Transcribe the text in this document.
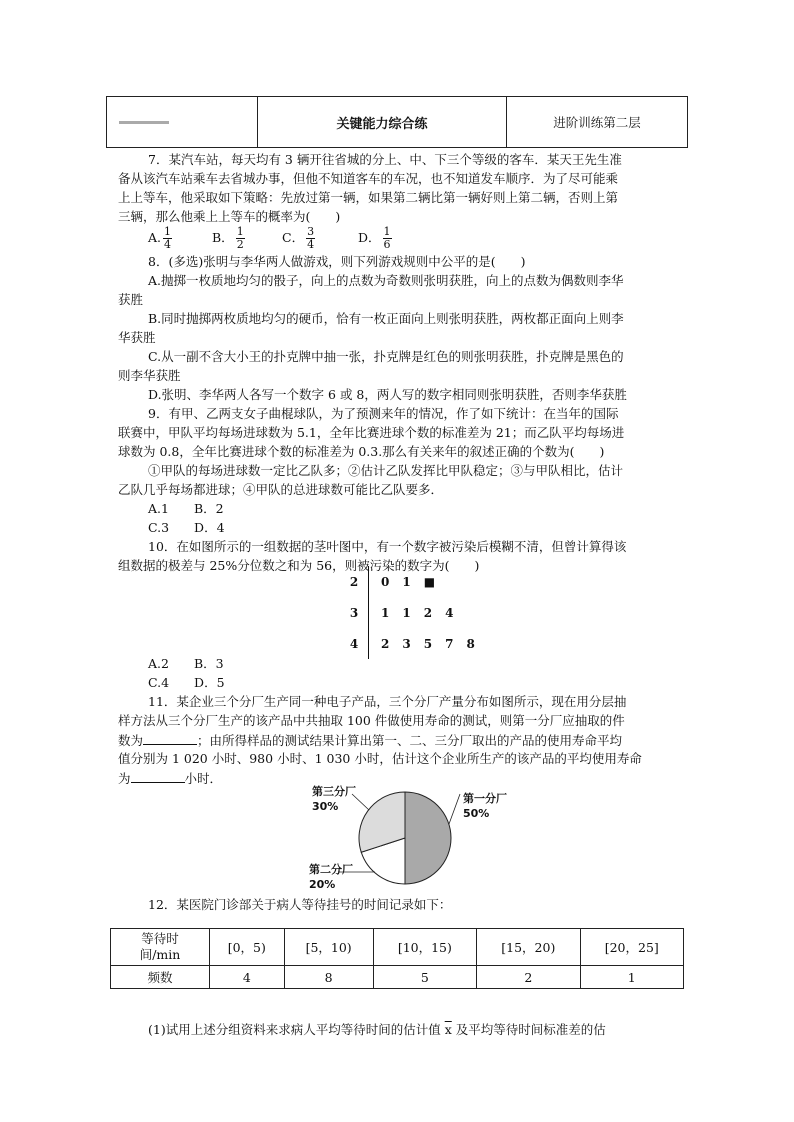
关键能力综合练	进阶训练第二层
7．某汽车站，每天均有 3 辆开往省城的分上、中、下三个等级的客车．某天王先生准
备从该汽车站乘车去省城办事，但他不知道客车的车况，也不知道发车顺序．为了尽可能乘
上上等车，他采取如下策略：先放过第一辆，如果第二辆比第一辆好则上第二辆，否则上第
三辆，那么他乘上上等车的概率为(　　)
A. $\frac{1}{4}$	B． $\frac{1}{2}$	C． $\frac{3}{4}$	D． $\frac{1}{6}$
8．(多选)张明与李华两人做游戏，则下列游戏规则中公平的是(　　)
A.抛掷一枚质地均匀的骰子，向上的点数为奇数则张明获胜，向上的点数为偶数则李华
获胜
B.同时抛掷两枚质地均匀的硬币，恰有一枚正面向上则张明获胜，两枚都正面向上则李
华获胜
C.从一副不含大小王的扑克牌中抽一张，扑克牌是红色的则张明获胜，扑克牌是黑色的
则李华获胜
D.张明、李华两人各写一个数字 6 或 8，两人写的数字相同则张明获胜，否则李华获胜
9．有甲、乙两支女子曲棍球队，为了预测来年的情况，作了如下统计：在当年的国际
联赛中，甲队平均每场进球数为 5.1，全年比赛进球个数的标准差为 21；而乙队平均每场进
球数为 0.8，全年比赛进球个数的标准差为 0.3.那么有关来年的叙述正确的个数为(　　)
①甲队的每场进球数一定比乙队多；②估计乙队发挥比甲队稳定；③与甲队相比，估计
乙队几乎每场都进球；④甲队的总进球数可能比乙队要多．
A.1　　B．2
C.3　　D．4
10．在如图所示的一组数据的茎叶图中，有一个数字被污染后模糊不清，但曾计算得该
组数据的极差与 25%分位数之和为 56，则被污染的数字为(　　)
2	0 1 ■
3	1 1 2 4
4	2 3 5 7 8
A.2　　B．3
C.4　　D．5
11．某企业三个分厂生产同一种电子产品，三个分厂产量分布如图所示，现在用分层抽
样方法从三个分厂生产的该产品中共抽取 100 件做使用寿命的测试，则第一分厂应抽取的件
数为	；由所得样品的测试结果计算出第一、二、三分厂取出的产品的使用寿命平均
值分别为 1 020 小时、980 小时、1 030 小时，估计这个企业所生产的该产品的平均使用寿命
为	小时．
第三分厂
30%
第一分厂
50%
第二分厂
20%
12．某医院门诊部关于病人等待挂号的时间记录如下：
等待时
间/min	[0，5)	[5，10)	[10，15)	[15，20)	[20，25]
频数	4	8	5	2	1
(1)试用上述分组资料来求病人平均等待时间的估计值 $\overline{x}$ 及平均等待时间标准差的估
